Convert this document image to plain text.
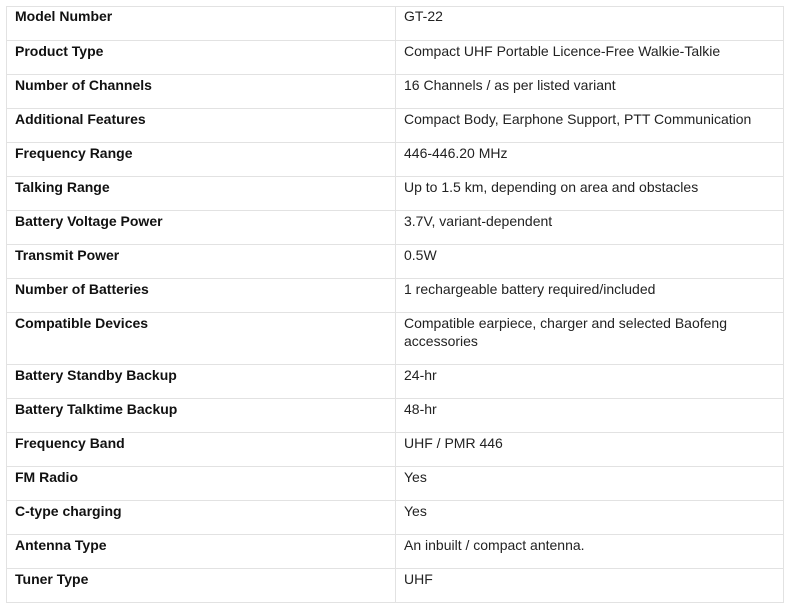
Model Number	GT-22

Product Type	Compact UHF Portable Licence-Free Walkie-Talkie

Number of Channels	16 Channels / as per listed variant

Additional Features	Compact Body, Earphone Support, PTT Communication

Frequency Range	446-446.20 MHz

Talking Range	Up to 1.5 km, depending on area and obstacles

Battery Voltage Power	3.7V, variant-dependent

Transmit Power	0.5W

Number of Batteries	1 rechargeable battery required/included

Compatible Devices	Compatible earpiece, charger and selected Baofeng accessories

Battery Standby Backup	24-hr

Battery Talktime Backup	48-hr

Frequency Band	UHF / PMR 446

FM Radio	Yes

C-type charging	Yes

Antenna Type	An inbuilt / compact antenna.

Tuner Type	UHF
